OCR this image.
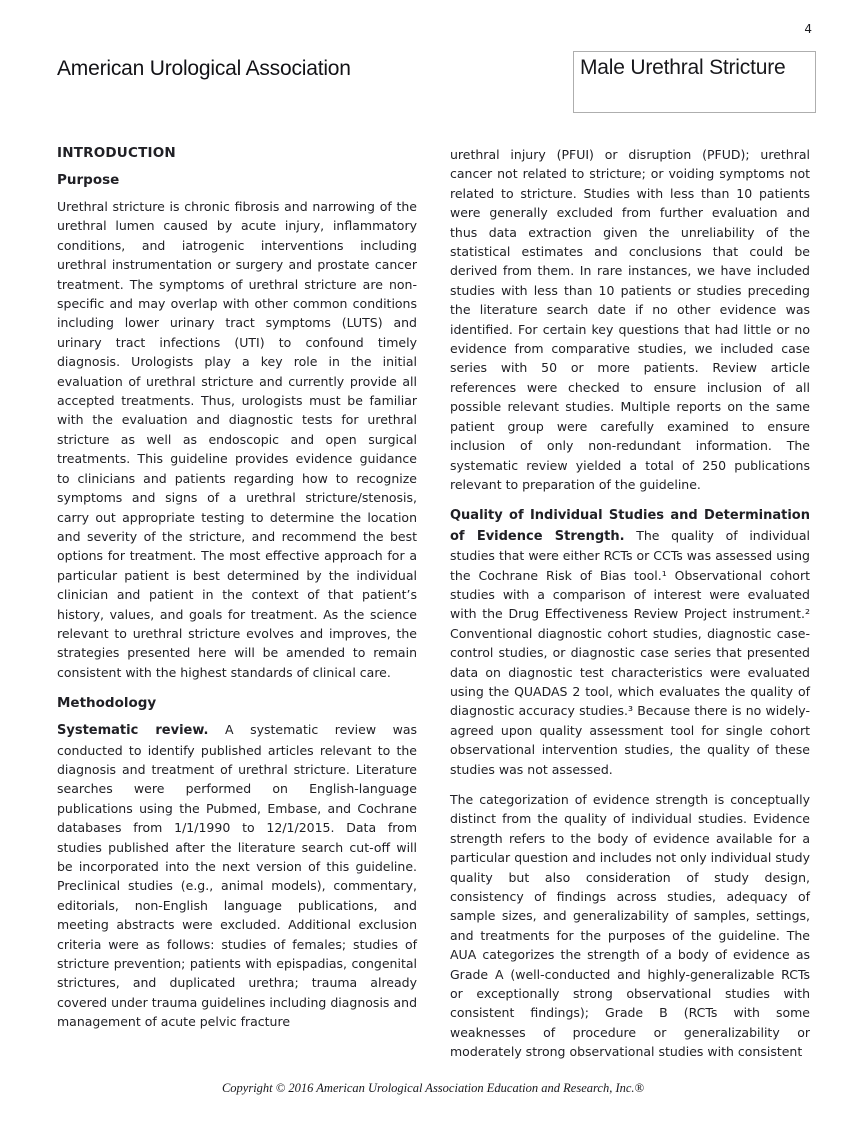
4
American Urological Association	Male Urethral Stricture
INTRODUCTION
Purpose

Urethral stricture is chronic fibrosis and narrowing of the urethral lumen caused by acute injury, inflammatory conditions, and iatrogenic interventions including urethral instrumentation or surgery and prostate cancer treatment. The symptoms of urethral stricture are non-specific and may overlap with other common conditions including lower urinary tract symptoms (LUTS) and urinary tract infections (UTI) to confound timely diagnosis. Urologists play a key role in the initial evaluation of urethral stricture and currently provide all accepted treatments. Thus, urologists must be familiar with the evaluation and diagnostic tests for urethral stricture as well as endoscopic and open surgical treatments. This guideline provides evidence guidance to clinicians and patients regarding how to recognize symptoms and signs of a urethral stricture/stenosis, carry out appropriate testing to determine the location and severity of the stricture, and recommend the best options for treatment. The most effective approach for a particular patient is best determined by the individual clinician and patient in the context of that patient’s history, values, and goals for treatment. As the science relevant to urethral stricture evolves and improves, the strategies presented here will be amended to remain consistent with the highest standards of clinical care.

Methodology

Systematic review. A systematic review was conducted to identify published articles relevant to the diagnosis and treatment of urethral stricture. Literature searches were performed on English-language publications using the Pubmed, Embase, and Cochrane databases from 1/1/1990 to 12/1/2015. Data from studies published after the literature search cut-off will be incorporated into the next version of this guideline. Preclinical studies (e.g., animal models), commentary, editorials, non-English language publications, and meeting abstracts were excluded. Additional exclusion criteria were as follows: studies of females; studies of stricture prevention; patients with epispadias, congenital strictures, and duplicated urethra; trauma already covered under trauma guidelines including diagnosis and management of acute pelvic fracture

urethral injury (PFUI) or disruption (PFUD); urethral cancer not related to stricture; or voiding symptoms not related to stricture. Studies with less than 10 patients were generally excluded from further evaluation and thus data extraction given the unreliability of the statistical estimates and conclusions that could be derived from them. In rare instances, we have included studies with less than 10 patients or studies preceding the literature search date if no other evidence was identified. For certain key questions that had little or no evidence from comparative studies, we included case series with 50 or more patients. Review article references were checked to ensure inclusion of all possible relevant studies. Multiple reports on the same patient group were carefully examined to ensure inclusion of only non-redundant information. The systematic review yielded a total of 250 publications relevant to preparation of the guideline.

Quality of Individual Studies and Determination of Evidence Strength. The quality of individual studies that were either RCTs or CCTs was assessed using the Cochrane Risk of Bias tool.¹ Observational cohort studies with a comparison of interest were evaluated with the Drug Effectiveness Review Project instrument.² Conventional diagnostic cohort studies, diagnostic case-control studies, or diagnostic case series that presented data on diagnostic test characteristics were evaluated using the QUADAS 2 tool, which evaluates the quality of diagnostic accuracy studies.³ Because there is no widely-agreed upon quality assessment tool for single cohort observational intervention studies, the quality of these studies was not assessed.

The categorization of evidence strength is conceptually distinct from the quality of individual studies. Evidence strength refers to the body of evidence available for a particular question and includes not only individual study quality but also consideration of study design, consistency of findings across studies, adequacy of sample sizes, and generalizability of samples, settings, and treatments for the purposes of the guideline. The AUA categorizes the strength of a body of evidence as Grade A (well-conducted and highly-generalizable RCTs or exceptionally strong observational studies with consistent findings); Grade B (RCTs with some weaknesses of procedure or generalizability or moderately strong observational studies with consistent

Copyright © 2016 American Urological Association Education and Research, Inc.®
